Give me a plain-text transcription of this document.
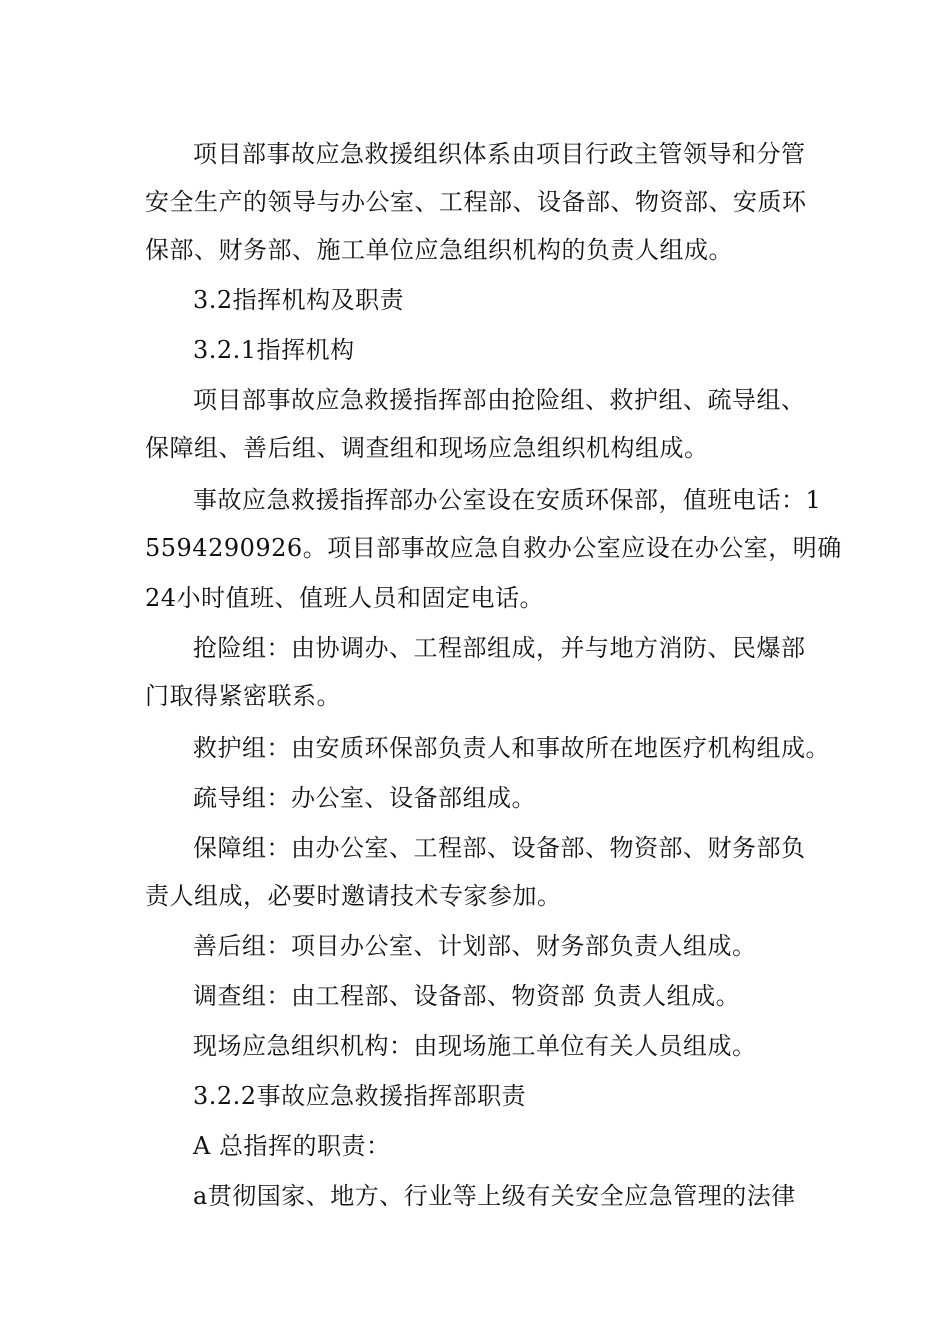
项目部事故应急救援组织体系由项目行政主管领导和分管
安全生产的领导与办公室、工程部、设备部、物资部、安质环
保部、财务部、施工单位应急组织机构的负责人组成。
3.2指挥机构及职责
3.2.1指挥机构
项目部事故应急救援指挥部由抢险组、救护组、疏导组、
保障组、善后组、调查组和现场应急组织机构组成。
事故应急救援指挥部办公室设在安质环保部，值班电话：1
5594290926。项目部事故应急自救办公室应设在办公室，明确
24小时值班、值班人员和固定电话。
抢险组：由协调办、工程部组成，并与地方消防、民爆部
门取得紧密联系。
救护组：由安质环保部负责人和事故所在地医疗机构组成。
疏导组：办公室、设备部组成。
保障组：由办公室、工程部、设备部、物资部、财务部负
责人组成，必要时邀请技术专家参加。
善后组：项目办公室、计划部、财务部负责人组成。
调查组：由工程部、设备部、物资部 负责人组成。
现场应急组织机构：由现场施工单位有关人员组成。
3.2.2事故应急救援指挥部职责
A 总指挥的职责：
a贯彻国家、地方、行业等上级有关安全应急管理的法律
